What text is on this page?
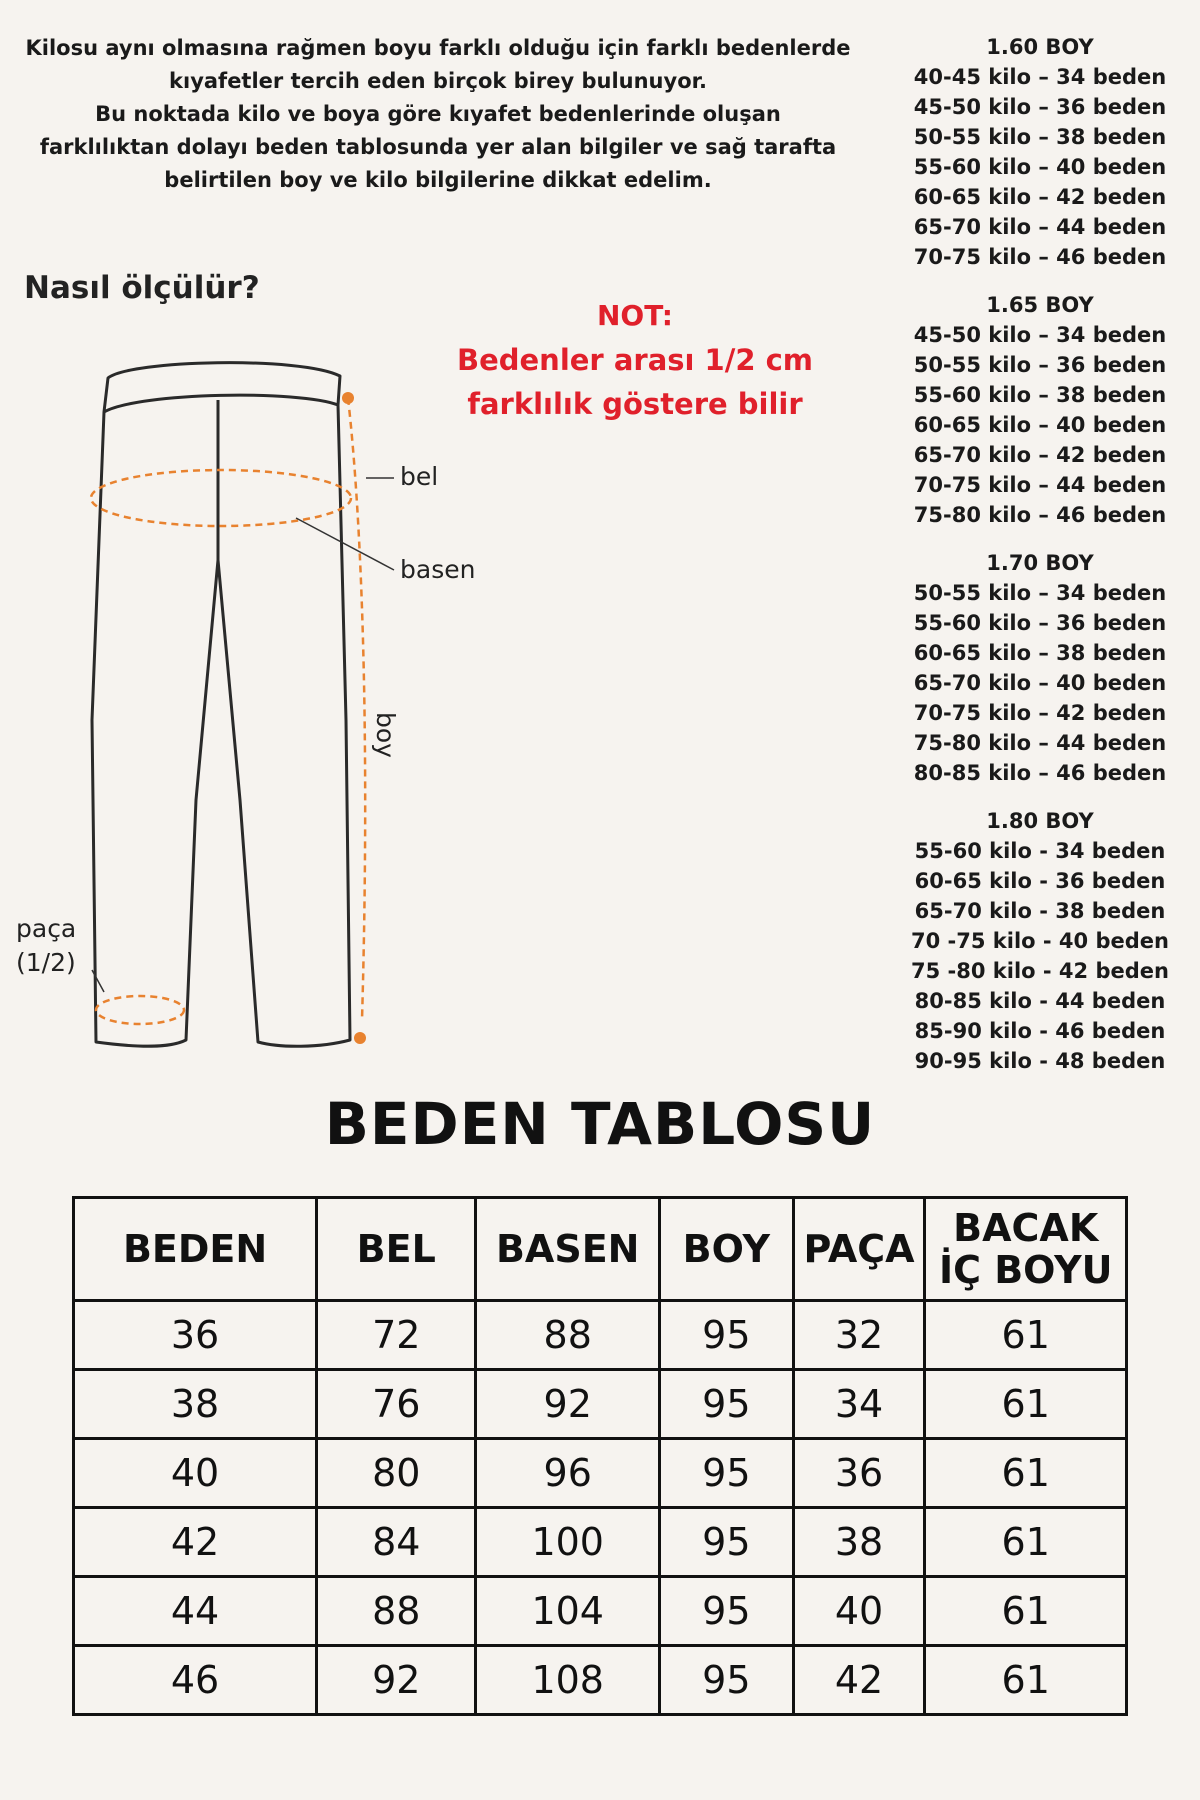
Kilosu aynı olmasına rağmen boyu farklı olduğu için farklı bedenlerde
kıyafetler tercih eden birçok birey bulunuyor.
Bu noktada kilo ve boya göre kıyafet bedenlerinde oluşan
farklılıktan dolayı beden tablosunda yer alan bilgiler ve sağ tarafta
belirtilen boy ve kilo bilgilerine dikkat edelim.
Nasıl ölçülür?
NOT:
Bedenler arası 1/2 cm
farklılık göstere bilir
1.60 BOY
40-45 kilo – 34 beden
45-50 kilo – 36 beden
50-55 kilo – 38 beden
55-60 kilo – 40 beden
60-65 kilo – 42 beden
65-70 kilo – 44 beden
70-75 kilo – 46 beden
1.65 BOY
45-50 kilo – 34 beden
50-55 kilo – 36 beden
55-60 kilo – 38 beden
60-65 kilo – 40 beden
65-70 kilo – 42 beden
70-75 kilo – 44 beden
75-80 kilo – 46 beden
1.70 BOY
50-55 kilo – 34 beden
55-60 kilo – 36 beden
60-65 kilo – 38 beden
65-70 kilo – 40 beden
70-75 kilo – 42 beden
75-80 kilo – 44 beden
80-85 kilo – 46 beden
1.80 BOY
55-60 kilo - 34 beden
60-65 kilo - 36 beden
65-70 kilo - 38 beden
70 -75 kilo - 40 beden
75 -80 kilo - 42 beden
80-85 kilo - 44 beden
85-90 kilo - 46 beden
90-95 kilo - 48 beden
bel
basen
boy
paça
(1/2)
BEDEN TABLOSU
BEDEN	BEL	BASEN	BOY	PAÇA	BACAK
İÇ BOYU

36	72	88	95	32	61
38	76	92	95	34	61
40	80	96	95	36	61
42	84	100	95	38	61
44	88	104	95	40	61
46	92	108	95	42	61
